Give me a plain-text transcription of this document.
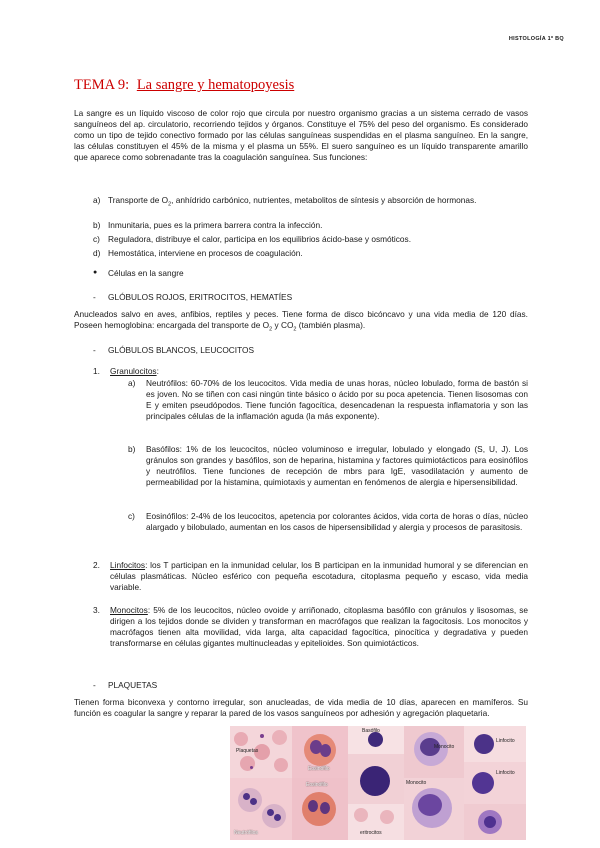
HISTOLOGÍA 1º BQ
TEMA 9: La sangre y hematopoyesis
La sangre es un líquido viscoso de color rojo que circula por nuestro organismo gracias a un sistema cerrado de vasos sanguíneos del ap. circulatorio, recorriendo tejidos y órganos. Constituye el 75% del peso del organismo. Es considerado como un tipo de tejido conectivo formado por las células sanguíneas suspendidas en el plasma sanguíneo. En la sangre, las células constituyen el 45% de la misma y el plasma un 55%. El suero sanguíneo es un líquido transparente amarillo que aparece como sobrenadante tras la coagulación sanguínea. Sus funciones:
a) Transporte de $O_2$, anhídrido carbónico, nutrientes, metabolitos de síntesis y absorción de hormonas.
b) Inmunitaria, pues es la primera barrera contra la infección.
c) Reguladora, distribuye el calor, participa en los equilibrios ácido-base y osmóticos.
d) Hemostática, interviene en procesos de coagulación.
● Células en la sangre
- GLÓBULOS ROJOS, ERITROCITOS, HEMATÍES
Anucleados salvo en aves, anfibios, reptiles y peces. Tiene forma de disco bicóncavo y una vida media de 120 días. Poseen hemoglobina: encargada del transporte de $O_2$ y $CO_2$ (también plasma).
- GLÓBULOS BLANCOS, LEUCOCITOS
1. Granulocitos:
a) Neutrófilos: 60-70% de los leucocitos. Vida media de unas horas, núcleo lobulado, forma de bastón si es joven. No se tiñen con casi ningún tinte básico o ácido por su poca apetencia. Tienen lisosomas con E y emiten pseudópodos. Tiene función fagocítica, desencadenan la respuesta inflamatoria y son las principales células de la inflamación aguda (la más exponente).
b) Basófilos: 1% de los leucocitos, núcleo voluminoso e irregular, lobulado y elongado (S, U, J). Los gránulos son grandes y basófilos, son de heparina, histamina y factores quimiotácticos para eosinófilos y neutrófilos. Tiene funciones de recepción de mbrs para IgE, vasodilatación y aumento de permeabilidad por la histamina, quimiotaxis y aumentan en fenómenos de alergia e hipersensibilidad.
c) Eosinófilos: 2-4% de los leucocitos, apetencia por colorantes ácidos, vida corta de horas o días, núcleo alargado y bilobulado, aumentan en los casos de hipersensibilidad y alergia y procesos de parasitosis.
2. Linfocitos: los T participan en la inmunidad celular, los B participan en la inmunidad humoral y se diferencian en células plasmáticas. Núcleo esférico con pequeña escotadura, citoplasma pequeño y escaso, vida media variable.
3. Monocitos: 5% de los leucocitos, núcleo ovoide y arriñonado, citoplasma basófilo con gránulos y lisosomas, se dirigen a los tejidos donde se dividen y transforman en macrófagos que realizan la fagocitosis. Los monocitos y macrófagos tienen alta movilidad, vida larga, alta capacidad fagocítica, pinocítica y degradativa y pueden transformarse en células gigantes multinucleadas y epitelioides. Son quimiotácticos.
- PLAQUETAS
Tienen forma biconvexa y contorno irregular, son anucleadas, de vida media de 10 días, aparecen en mamíferos. Su función es coagular la sangre y reparar la pared de los vasos sanguíneos por adhesión y agregación plaquetaria.
Plaquetas
Eosinófilo
Basófilo
Monocito
Linfocito
Linfocito
Monocito
Neutrófilos
Eosinófilo
eritrocitos
